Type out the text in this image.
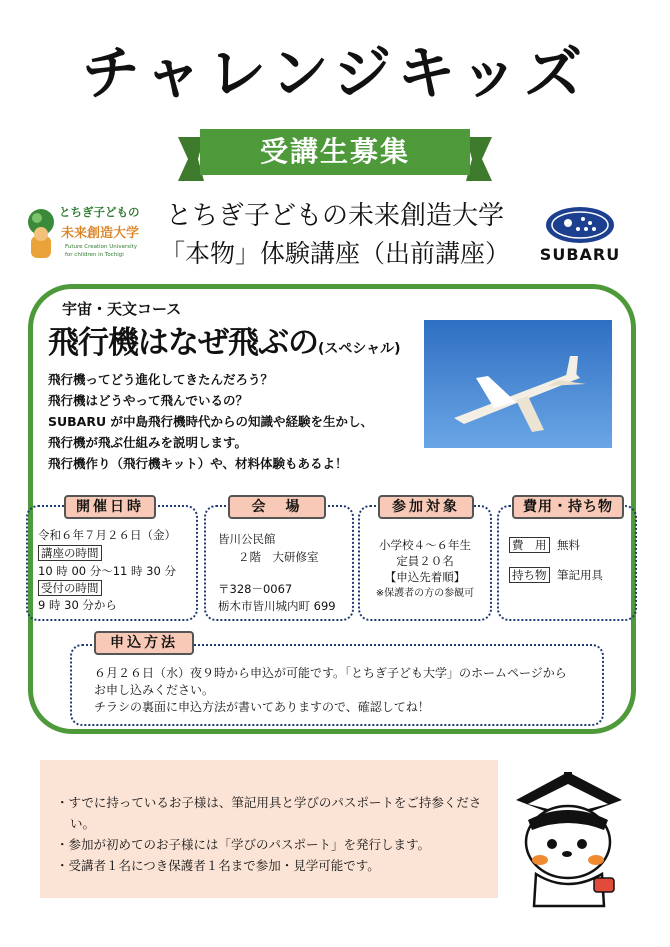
チャレンジキッズ
受講生募集
とちぎ子どもの
未来創造大学
Future Creation University
for children in Tochigi
とちぎ子どもの未来創造大学
「本物」体験講座（出前講座）	SUBARU
宇宙・天文コース
飛行機はなぜ飛ぶの(スペシャル)
飛行機ってどう進化してきたんだろう？
飛行機はどうやって飛んでいるの？
SUBARU が中島飛行機時代からの知識や経験を生かし、
飛行機が飛ぶ仕組みを説明します。
飛行機作り（飛行機キット）や、材料体験もあるよ！
令和６年７月２６日（金）
講座の時間
10 時 00 分～11 時 30 分
受付の時間
9 時 30 分から
開催日時
皆川公民館
２階　大研修室
〒328－0067
栃木市皆川城内町 699
会　場
小学校４～６年生
定員２０名
【申込先着順】
※保護者の方の参観可
参加対象
費　用 無料
持ち物 筆記用具
費用・持ち物
申込方法
６月２６日（水）夜９時から申込が可能です。「とちぎ子ども大学」のホームページから
お申し込みください。
チラシの裏面に申込方法が書いてありますので、確認してね！
・すでに持っているお子様は、筆記用具と学びのパスポートをご持参ください。
・参加が初めてのお子様には「学びのパスポート」を発行します。
・受講者１名につき保護者１名まで参加・見学可能です。
